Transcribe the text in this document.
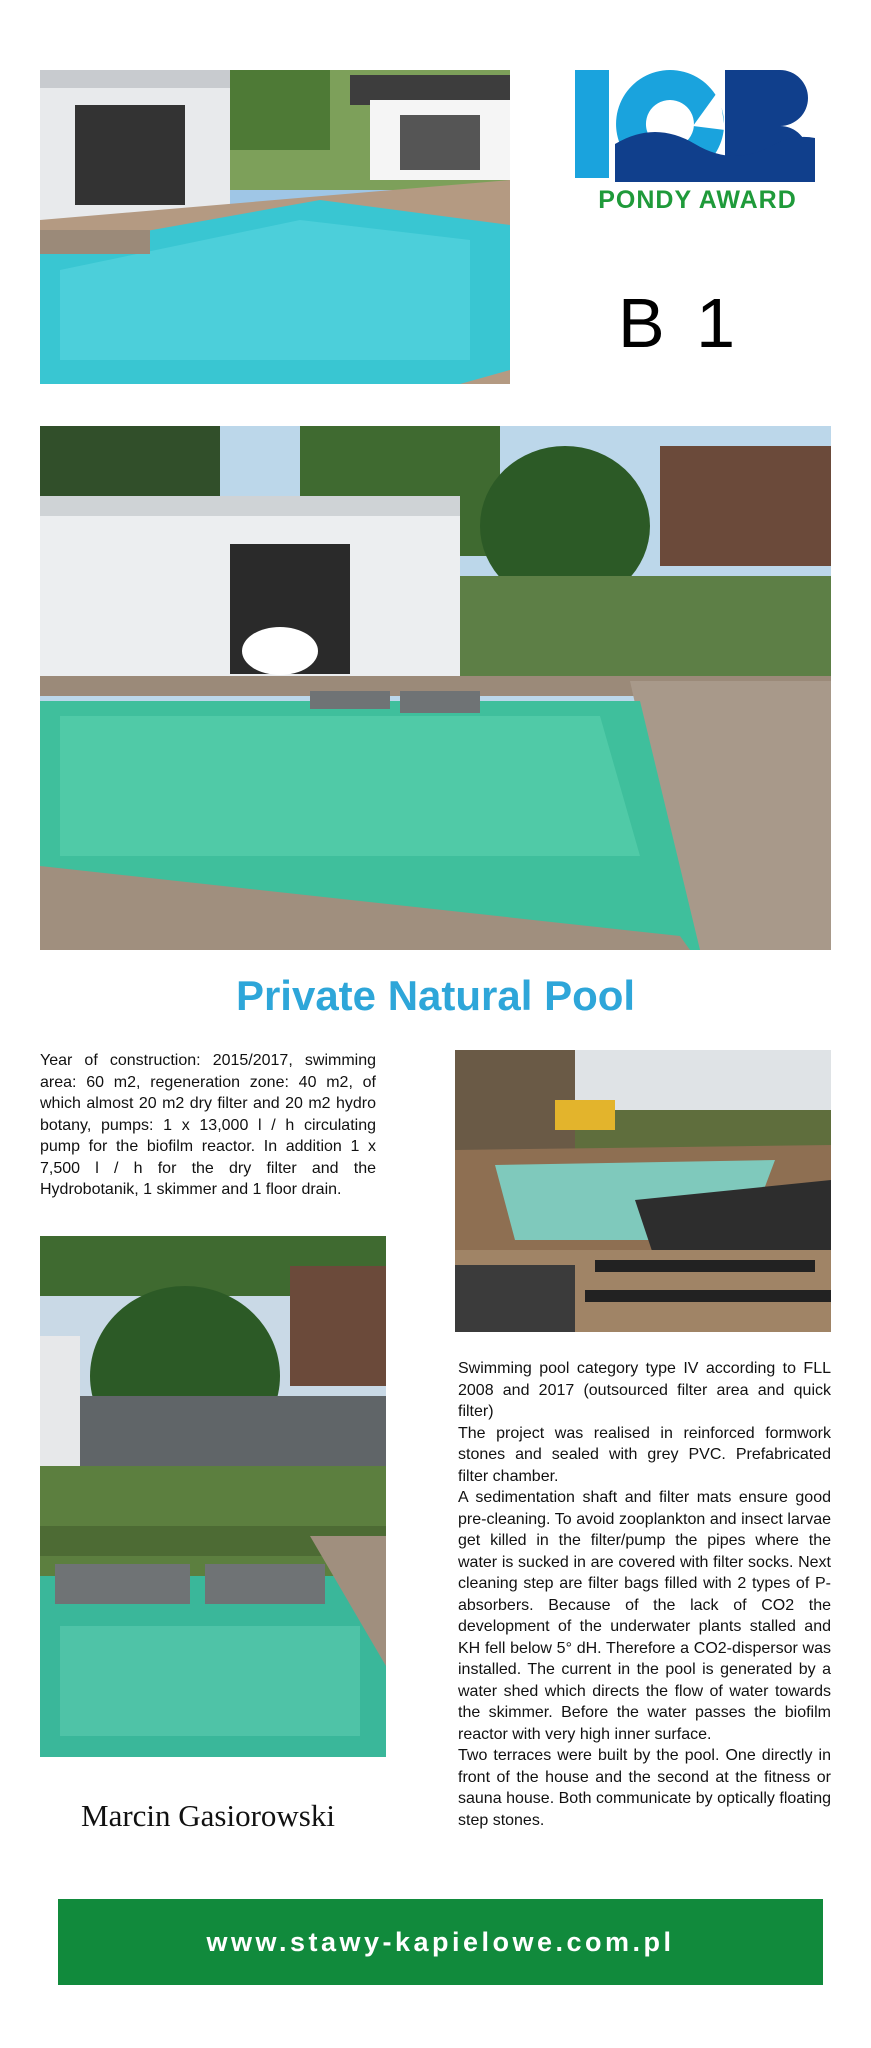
PONDY AWARD
B 1
Private Natural Pool
Year of construction: 2015/2017, swimming area: 60 m2, regeneration zone: 40 m2, of which almost 20 m2 dry filter and 20 m2 hydro botany, pumps: 1 x 13,000 l / h circulating pump for the biofilm reactor. In addition 1 x 7,500 l / h for the dry filter and the Hydrobotanik, 1 skimmer and 1 floor drain.

Swimming pool category type IV according to FLL 2008 and 2017 (outsourced filter area and quick filter)

The project was realised in reinforced formwork stones and sealed with grey PVC. Prefabricated filter chamber.

A sedimentation shaft and filter mats ensure good pre-cleaning. To avoid zooplankton and insect larvae get killed in the filter/pump the pipes where the water is sucked in are covered with filter socks. Next cleaning step are filter bags filled with 2 types of P-absorbers. Because of the lack of CO2 the development of the underwater plants stalled and KH fell below 5° dH. Therefore a CO2-dispersor was installed. The current in the pool is generated by a water shed which directs the flow of water towards the skimmer. Before the water passes the biofilm reactor with very high inner surface.

Two terraces were built by the pool. One directly in front of the house and the second at the fitness or sauna house. Both communicate by optically floating step stones.

Marcin Gasiorowski
www.stawy-kapielowe.com.pl
